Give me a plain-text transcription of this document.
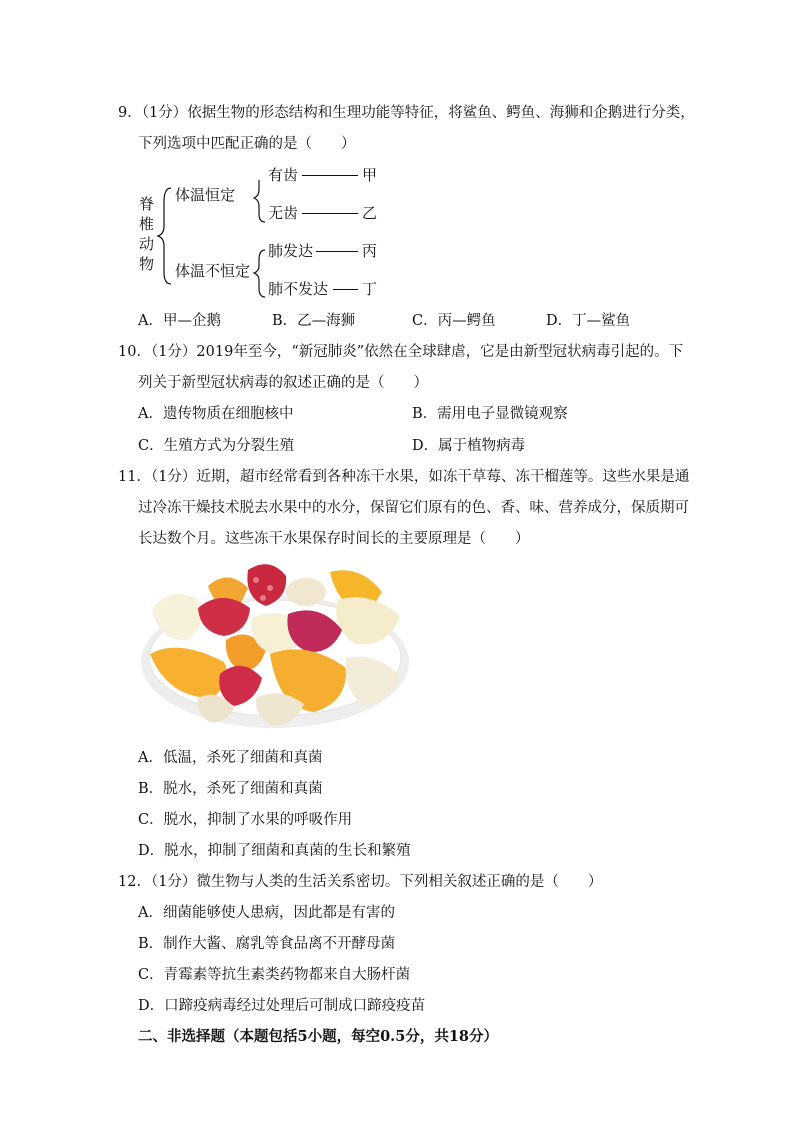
9．（1分）依据生物的形态结构和生理功能等特征，将鲨鱼、鳄鱼、海狮和企鹅进行分类，
下列选项中匹配正确的是（　　）
脊
椎
动
物
体温恒定
体温不恒定
有齿	甲
无齿	乙
肺发达	丙
肺不发达 丁
A．甲—企鹅	B．乙—海狮	C．丙—鳄鱼	D．丁—鲨鱼
10．（1分）2019年至今，“新冠肺炎”依然在全球肆虐，它是由新型冠状病毒引起的。下
列关于新型冠状病毒的叙述正确的是（　　）
A．遗传物质在细胞核中	B．需用电子显微镜观察
C．生殖方式为分裂生殖	D．属于植物病毒
11．（1分）近期，超市经常看到各种冻干水果，如冻干草莓、冻干榴莲等。这些水果是通
过冷冻干燥技术脱去水果中的水分，保留它们原有的色、香、味、营养成分，保质期可
长达数个月。这些冻干水果保存时间长的主要原理是（　　）
A．低温，杀死了细菌和真菌
B．脱水，杀死了细菌和真菌
C．脱水，抑制了水果的呼吸作用
D．脱水，抑制了细菌和真菌的生长和繁殖
12．（1分）微生物与人类的生活关系密切。下列相关叙述正确的是（　　）
A．细菌能够使人患病，因此都是有害的
B．制作大酱、腐乳等食品离不开酵母菌
C．青霉素等抗生素类药物都来自大肠杆菌
D．口蹄疫病毒经过处理后可制成口蹄疫疫苗
二、非选择题（本题包括5小题，每空0.5分，共18分）
